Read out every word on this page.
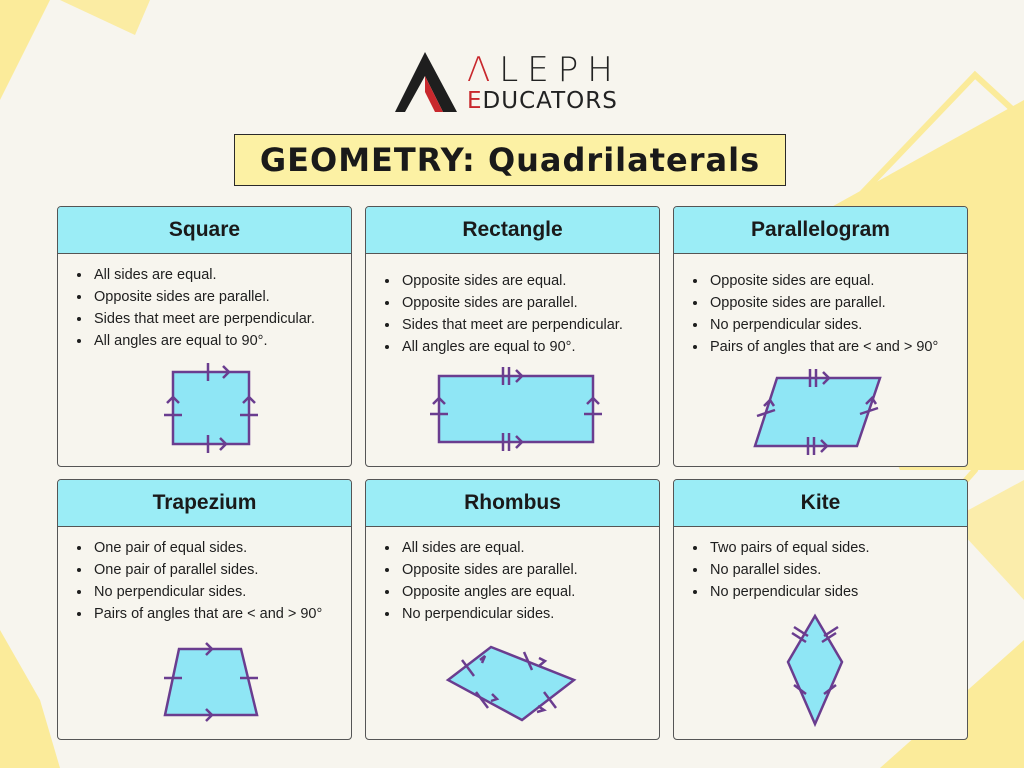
ΛLEPH
EDUCATORS
GEOMETRY: Quadrilaterals
Square
• All sides are equal.
• Opposite sides are parallel.
• Sides that meet are perpendicular.
• All angles are equal to 90°.
Rectangle
• Opposite sides are equal.
• Opposite sides are parallel.
• Sides that meet are perpendicular.
• All angles are equal to 90°.
Parallelogram
• Opposite sides are equal.
• Opposite sides are parallel.
• No perpendicular sides.
• Pairs of angles that are < and > 90°
Trapezium
• One pair of equal sides.
• One pair of parallel sides.
• No perpendicular sides.
• Pairs of angles that are < and > 90°
Rhombus
• All sides are equal.
• Opposite sides are parallel.
• Opposite angles are equal.
• No perpendicular sides.
Kite
• Two pairs of equal sides.
• No parallel sides.
• No perpendicular sides
